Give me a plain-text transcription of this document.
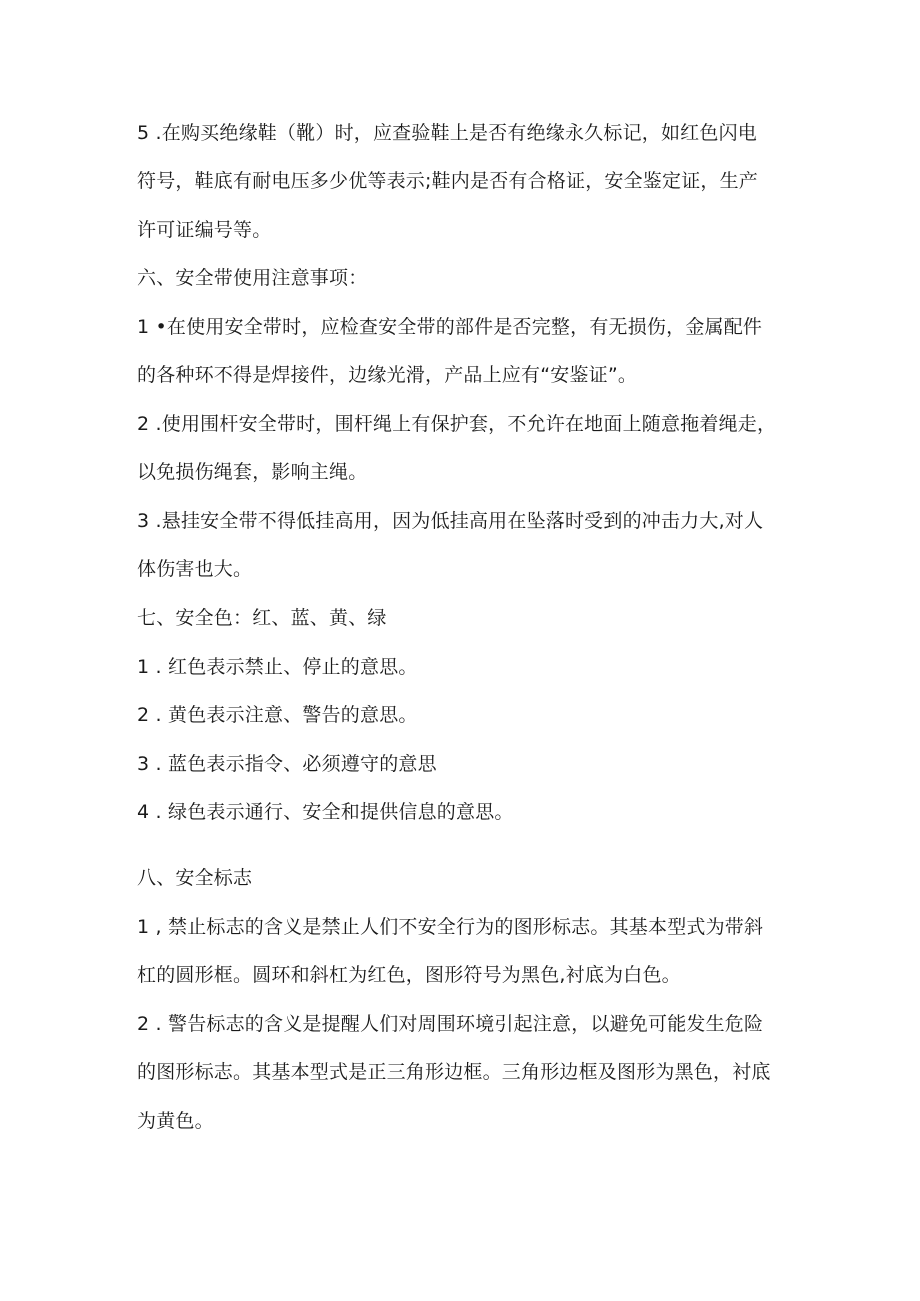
5 .在购买绝缘鞋（靴）时，应查验鞋上是否有绝缘永久标记，如红色闪电
符号，鞋底有耐电压多少优等表示;鞋内是否有合格证，安全鉴定证，生产
许可证编号等。
六、安全带使用注意事项：
1 •在使用安全带时，应检查安全带的部件是否完整，有无损伤，金属配件
的各种环不得是焊接件，边缘光滑，产品上应有“安鉴证”。
2 .使用围杆安全带时，围杆绳上有保护套，不允许在地面上随意拖着绳走，
以免损伤绳套，影响主绳。
3 .悬挂安全带不得低挂高用，因为低挂高用在坠落时受到的冲击力大,对人
体伤害也大。
七、安全色：红、蓝、黄、绿
1 . 红色表示禁止、停止的意思。
2 . 黄色表示注意、警告的意思。
3 . 蓝色表示指令、必须遵守的意思
4 . 绿色表示通行、安全和提供信息的意思。
八、安全标志
1 , 禁止标志的含义是禁止人们不安全行为的图形标志。其基本型式为带斜
杠的圆形框。圆环和斜杠为红色，图形符号为黑色,衬底为白色。
2 . 警告标志的含义是提醒人们对周围环境引起注意，以避免可能发生危险
的图形标志。其基本型式是正三角形边框。三角形边框及图形为黑色，衬底
为黄色。
